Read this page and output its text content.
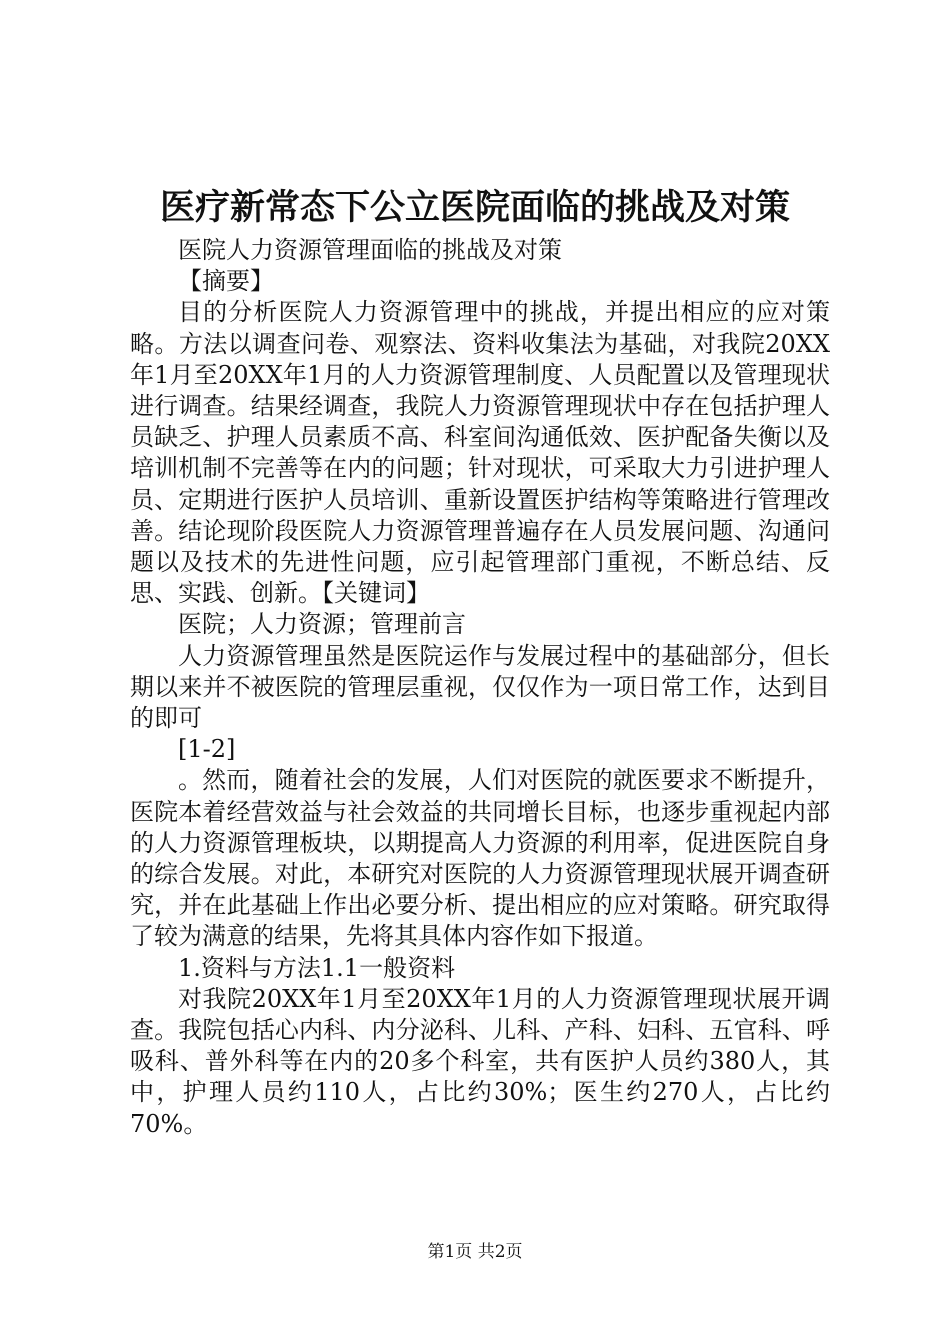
医疗新常态下公立医院面临的挑战及对策

医院人力资源管理面临的挑战及对策

【摘要】

目的分析医院人力资源管理中的挑战，并提出相应的应对策略。方法以调查问卷、观察法、资料收集法为基础，对我院20XX年1月至20XX年1月的人力资源管理制度、人员配置以及管理现状进行调查。结果经调查，我院人力资源管理现状中存在包括护理人员缺乏、护理人员素质不高、科室间沟通低效、医护配备失衡以及培训机制不完善等在内的问题；针对现状，可采取大力引进护理人员、定期进行医护人员培训、重新设置医护结构等策略进行管理改善。结论现阶段医院人力资源管理普遍存在人员发展问题、沟通问题以及技术的先进性问题，应引起管理部门重视，不断总结、反思、实践、创新。【关键词】

医院；人力资源；管理前言

人力资源管理虽然是医院运作与发展过程中的基础部分，但长期以来并不被医院的管理层重视，仅仅作为一项日常工作，达到目的即可

[1-2]

。然而，随着社会的发展，人们对医院的就医要求不断提升，医院本着经营效益与社会效益的共同增长目标，也逐步重视起内部的人力资源管理板块，以期提高人力资源的利用率，促进医院自身的综合发展。对此，本研究对医院的人力资源管理现状展开调查研究，并在此基础上作出必要分析、提出相应的应对策略。研究取得了较为满意的结果，先将其具体内容作如下报道。

1.资料与方法1.1一般资料

对我院20XX年1月至20XX年1月的人力资源管理现状展开调查。我院包括心内科、内分泌科、儿科、产科、妇科、五官科、呼吸科、普外科等在内的20多个科室，共有医护人员约380人，其中，护理人员约110人，占比约30%；医生约270人，占比约70%。

第1页 共2页
